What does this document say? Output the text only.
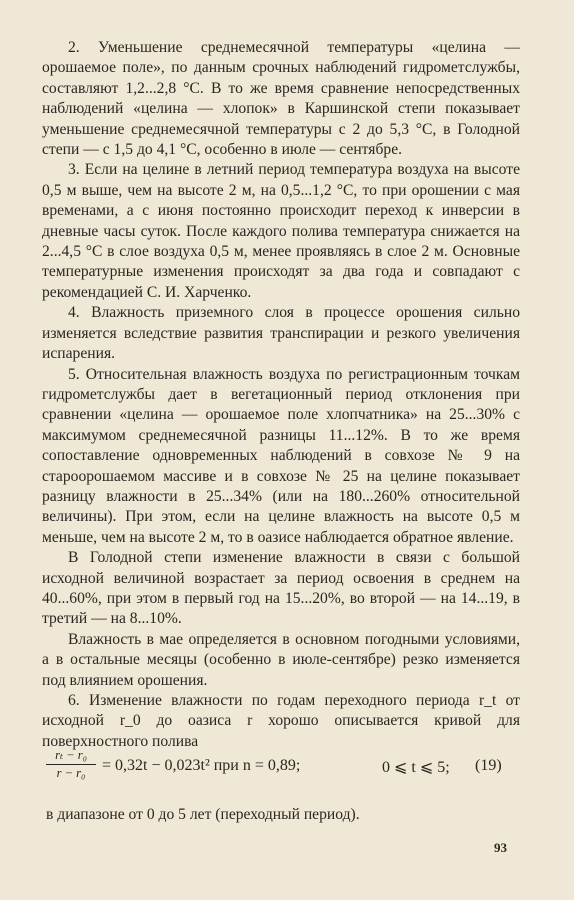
2. Уменьшение среднемесячной температуры «целина — орошаемое поле», по данным срочных наблюдений гидрометслужбы, составляют 1,2...2,8 °С. В то же время сравнение непосредственных наблюдений «целина — хлопок» в Каршинской степи показывает уменьшение среднемесячной температуры с 2 до 5,3 °С, в Голодной степи — с 1,5 до 4,1 °С, особенно в июле — сентябре.

3. Если на целине в летний период температура воздуха на высоте 0,5 м выше, чем на высоте 2 м, на 0,5...1,2 °С, то при орошении с мая временами, а с июня постоянно происходит переход к инверсии в дневные часы суток. После каждого полива температура снижается на 2...4,5 °С в слое воздуха 0,5 м, менее проявляясь в слое 2 м. Основные температурные изменения происходят за два года и совпадают с рекомендацией С. И. Харченко.

4. Влажность приземного слоя в процессе орошения сильно изменяется вследствие развития транспирации и резкого увеличения испарения.

5. Относительная влажность воздуха по регистрационным точкам гидрометслужбы дает в вегетационный период отклонения при сравнении «целина — орошаемое поле хлопчатника» на 25...30% с максимумом среднемесячной разницы 11...12%. В то же время сопоставление одновременных наблюдений в совхозе № 9 на староорошаемом массиве и в совхозе № 25 на целине показывает разницу влажности в 25...34% (или на 180...260% относительной величины). При этом, если на целине влажность на высоте 0,5 м меньше, чем на высоте 2 м, то в оазисе наблюдается обратное явление.

В Голодной степи изменение влажности в связи с большой исходной величиной возрастает за период освоения в среднем на 40...60%, при этом в первый год на 15...20%, во второй — на 14...19, в третий — на 8...10%.

Влажность в мае определяется в основном погодными условиями, а в остальные месяцы (особенно в июле-сентябре) резко изменяется под влиянием орошения.

6. Изменение влажности по годам переходного периода r_t от исходной r_0 до оазиса r хорошо описывается кривой для поверхностного полива

rₜ − r₀
r − r₀	= 0,32t − 0,023t² при n = 0,89;	0 ⩽ t ⩽ 5; (19)
в диапазоне от 0 до 5 лет (переходный период).
93
